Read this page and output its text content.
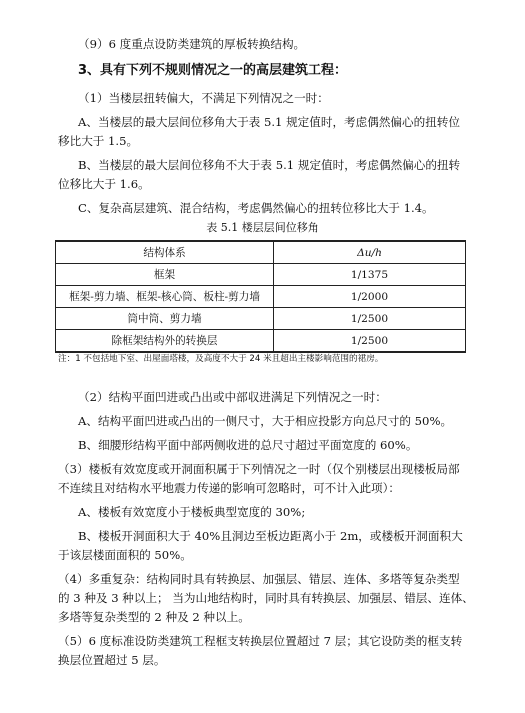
（9）6 度重点设防类建筑的厚板转换结构。
3、具有下列不规则情况之一的高层建筑工程：
（1）当楼层扭转偏大，不满足下列情况之一时：
A、当楼层的最大层间位移角大于表 5.1 规定值时，考虑偶然偏心的扭转位
移比大于 1.5。
B、当楼层的最大层间位移角不大于表 5.1 规定值时，考虑偶然偏心的扭转
位移比大于 1.6。
C、复杂高层建筑、混合结构，考虑偶然偏心的扭转位移比大于 1.4。
表 5.1 楼层层间位移角
结构体系	Δu/h
框架	1/1375
框架-剪力墙、框架-核心筒、板柱-剪力墙	1/2000
筒中筒、剪力墙	1/2500
除框架结构外的转换层	1/2500
注：1 不包括地下室、出屋面塔楼，及高度不大于 24 米且超出主楼影响范围的裙房。
（2）结构平面凹进或凸出或中部収进满足下列情况之一时：
A、结构平面凹进或凸出的一侧尺寸，大于相应投影方向总尺寸的 50%。
B、细腰形结构平面中部两侧收进的总尺寸超过平面宽度的 60%。
（3）楼板有效宽度或开洞面积属于下列情况之一时（仅个别楼层出现楼板局部
不连续且对结构水平地震力传递的影响可忽略时，可不计入此项）：
A、楼板有效宽度小于楼板典型宽度的 30%;
B、楼板开洞面积大于 40%且洞边至板边距离小于 2m，或楼板开洞面积大
于该层楼面面积的 50%。
（4）多重复杂：结构同时具有转换层、加强层、错层、连体、多塔等复杂类型
的 3 种及 3 种以上； 当为山地结构时，同时具有转换层、加强层、错层、连体、
多塔等复杂类型的 2 种及 2 种以上。
（5）6 度标准设防类建筑工程框支转换层位置超过 7 层；其它设防类的框支转
换层位置超过 5 层。
